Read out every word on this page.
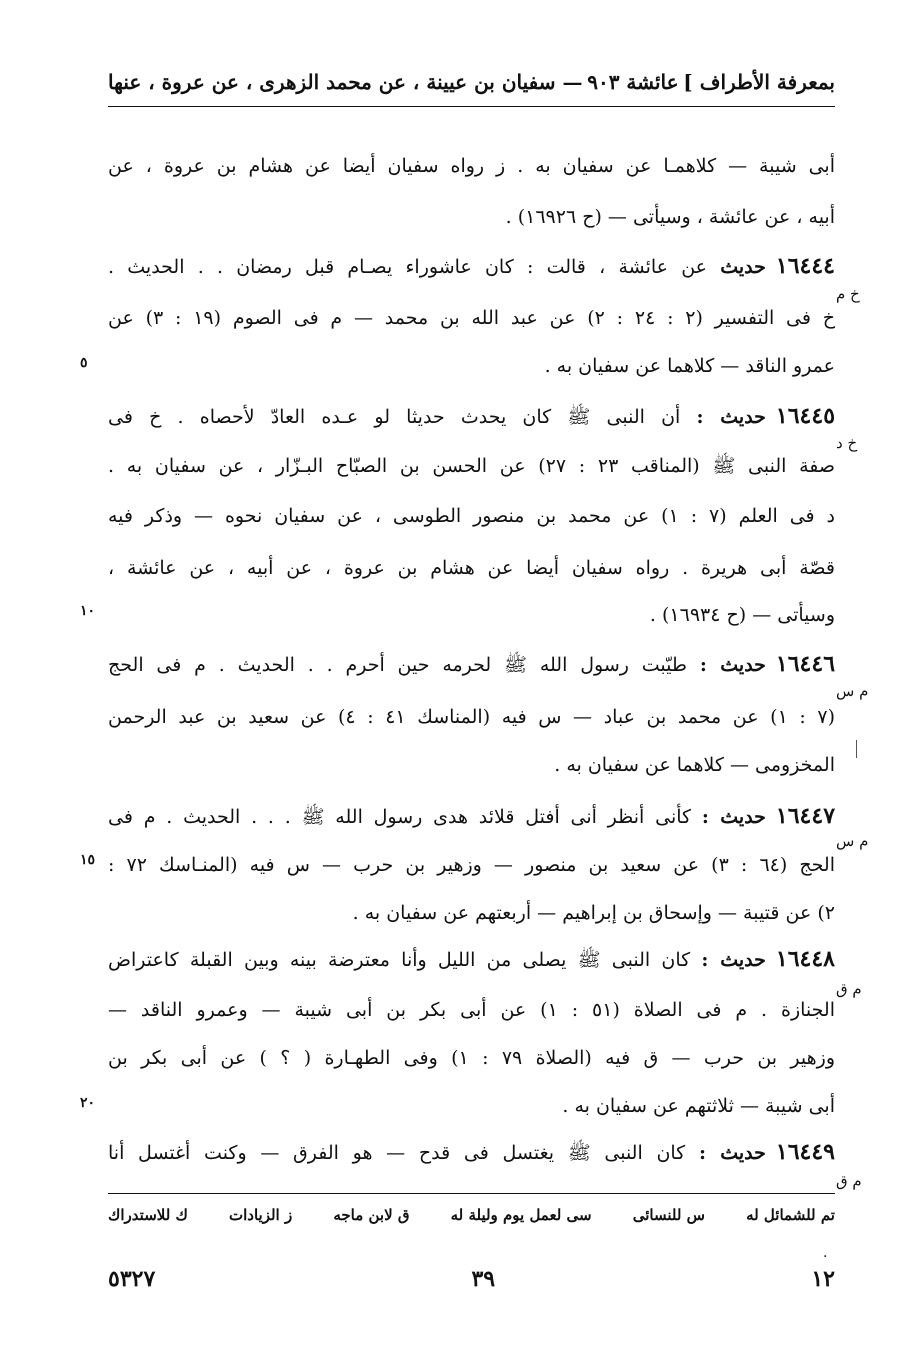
— سفيان بن عيينة ، عن محمد الزهرى ، عن عروة ، عنها عائشة ٩٠٣ بمعرفة الأطراف ]
أبى شيبة — كلاهمـا عن سفيان به . ز رواه سفيان أيضا عن هشام بن عروة ، عن
أبيه ، عن عائشة ، وسيأتى — (ح ١٦٩٢٦) .
١٦٤٤٤حديث عن عائشة ، قالت : كان عاشوراء يصـام قبل رمضان . . الحديث .
خ فى التفسير (٢ : ٢٤ : ٢) عن عبد الله بن محمد — م فى الصوم (١٩ : ٣) عن
عمرو الناقد — كلاهما عن سفيان به .
١٦٤٤٥حديث : أن النبى ﷺ كان يحدث حديثا لو عـده العادّ لأحصاه . خ فى
صفة النبى ﷺ (المناقب ٢٣ : ٢٧) عن الحسن بن الصبّاح البـزّار ، عن سفيان به .
د فى العلم (٧ : ١) عن محمد بن منصور الطوسى ، عن سفيان نحوه — وذكر فيه
قصّة أبى هريرة . رواه سفيان أيضا عن هشام بن عروة ، عن أبيه ، عن عائشة ،
وسيأتى — (ح ١٦٩٣٤) .
١٦٤٤٦حديث : طيّبت رسول الله ﷺ لحرمه حين أحرم . . الحديث . م فى الحج
(٧ : ١) عن محمد بن عباد — س فيه (المناسك ٤١ : ٤) عن سعيد بن عبد الرحمن
المخزومى — كلاهما عن سفيان به .
١٦٤٤٧حديث : كأنى أنظر أنى أفتل قلائد هدى رسول الله ﷺ . . . الحديث . م فى
الحج (٦٤ : ٣) عن سعيد بن منصور — وزهير بن حرب — س فيه (المنـاسك ٧٢ :
٢) عن قتيبة — وإسحاق بن إبراهيم — أربعتهم عن سفيان به .
١٦٤٤٨حديث : كان النبى ﷺ يصلى من الليل وأنا معترضة بينه وبين القبلة كاعتراض
الجنازة . م فى الصلاة (٥١ : ١) عن أبى بكر بن أبى شيبة — وعمرو الناقد —
وزهير بن حرب — ق فيه (الصلاة ٧٩ : ١) وفى الطهـارة ( ؟ ) عن أبى بكر بن
أبى شيبة — ثلاثتهم عن سفيان به .
١٦٤٤٩حديث : كان النبى ﷺ يغتسل فى قدح — هو الفرق — وكنت أغتسل أنا
خ م
خ د
م س
م س
م ق
م ق
٥
١٠
١٥
٢٠
تم للشمائل له
س للنسائى
سى لعمل يوم وليلة له
ق لابن ماجه
ز الزيادات
ك للاستدراك
.
٥٣٢٧	٣٩	١٢
